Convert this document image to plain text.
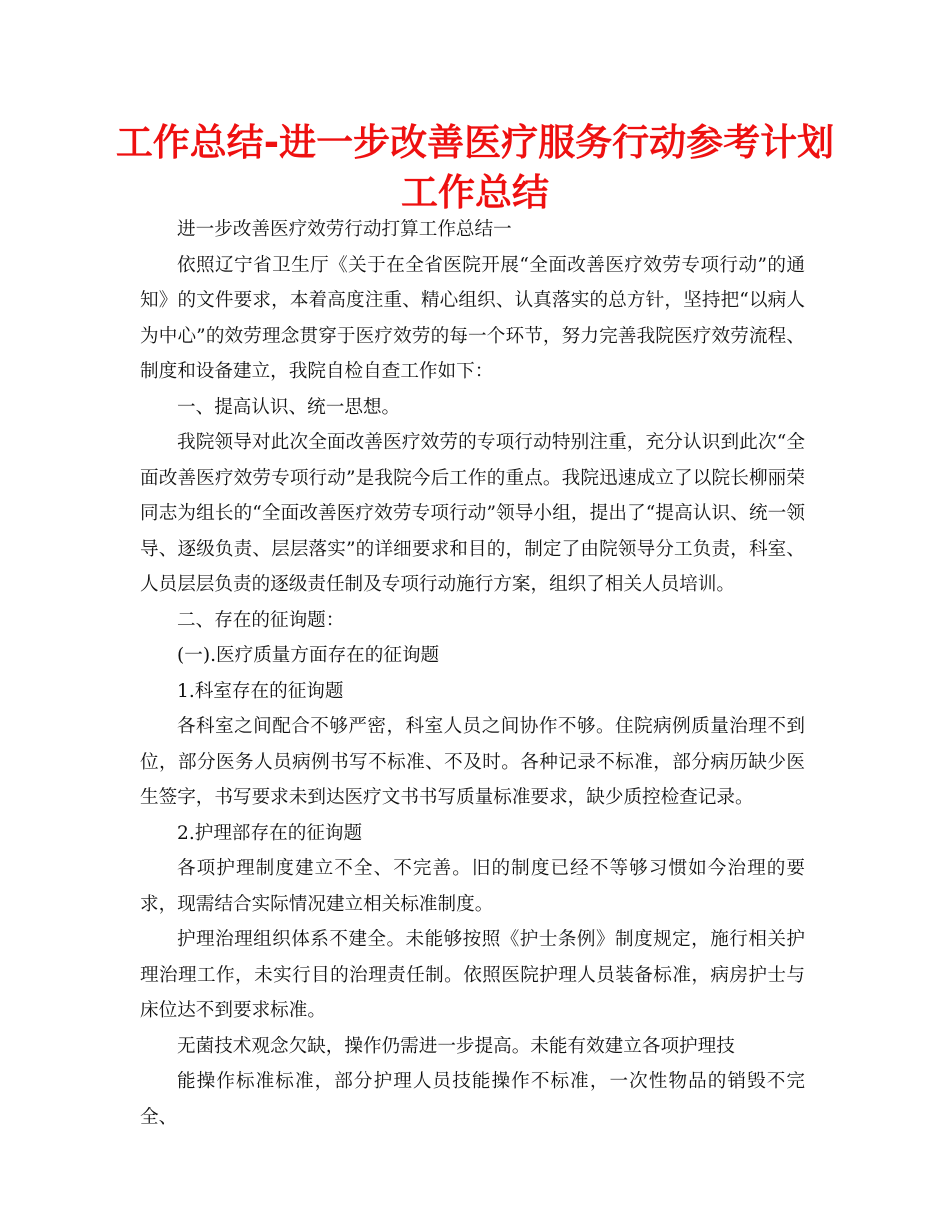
工作总结-进一步改善医疗服务行动参考计划工作总结

进一步改善医疗效劳行动打算工作总结一

依照辽宁省卫生厅《关于在全省医院开展“全面改善医疗效劳专项行动”的通知》的文件要求，本着高度注重、精心组织、认真落实的总方针，坚持把“以病人为中心”的效劳理念贯穿于医疗效劳的每一个环节，努力完善我院医疗效劳流程、制度和设备建立，我院自检自查工作如下：

一、提高认识、统一思想。

我院领导对此次全面改善医疗效劳的专项行动特别注重，充分认识到此次“全面改善医疗效劳专项行动”是我院今后工作的重点。我院迅速成立了以院长柳丽荣同志为组长的“全面改善医疗效劳专项行动”领导小组，提出了“提高认识、统一领导、逐级负责、层层落实”的详细要求和目的，制定了由院领导分工负责，科室、人员层层负责的逐级责任制及专项行动施行方案，组织了相关人员培训。

二、存在的征询题：

(一).医疗质量方面存在的征询题

1.科室存在的征询题

各科室之间配合不够严密，科室人员之间协作不够。住院病例质量治理不到位，部分医务人员病例书写不标准、不及时。各种记录不标准，部分病历缺少医生签字，书写要求未到达医疗文书书写质量标准要求，缺少质控检查记录。

2.护理部存在的征询题

各项护理制度建立不全、不完善。旧的制度已经不等够习惯如今治理的要求，现需结合实际情况建立相关标准制度。

护理治理组织体系不建全。未能够按照《护士条例》制度规定，施行相关护理治理工作，未实行目的治理责任制。依照医院护理人员装备标准，病房护士与床位达不到要求标准。

无菌技术观念欠缺，操作仍需进一步提高。未能有效建立各项护理技

能操作标准标准，部分护理人员技能操作不标准，一次性物品的销毁不完全、
